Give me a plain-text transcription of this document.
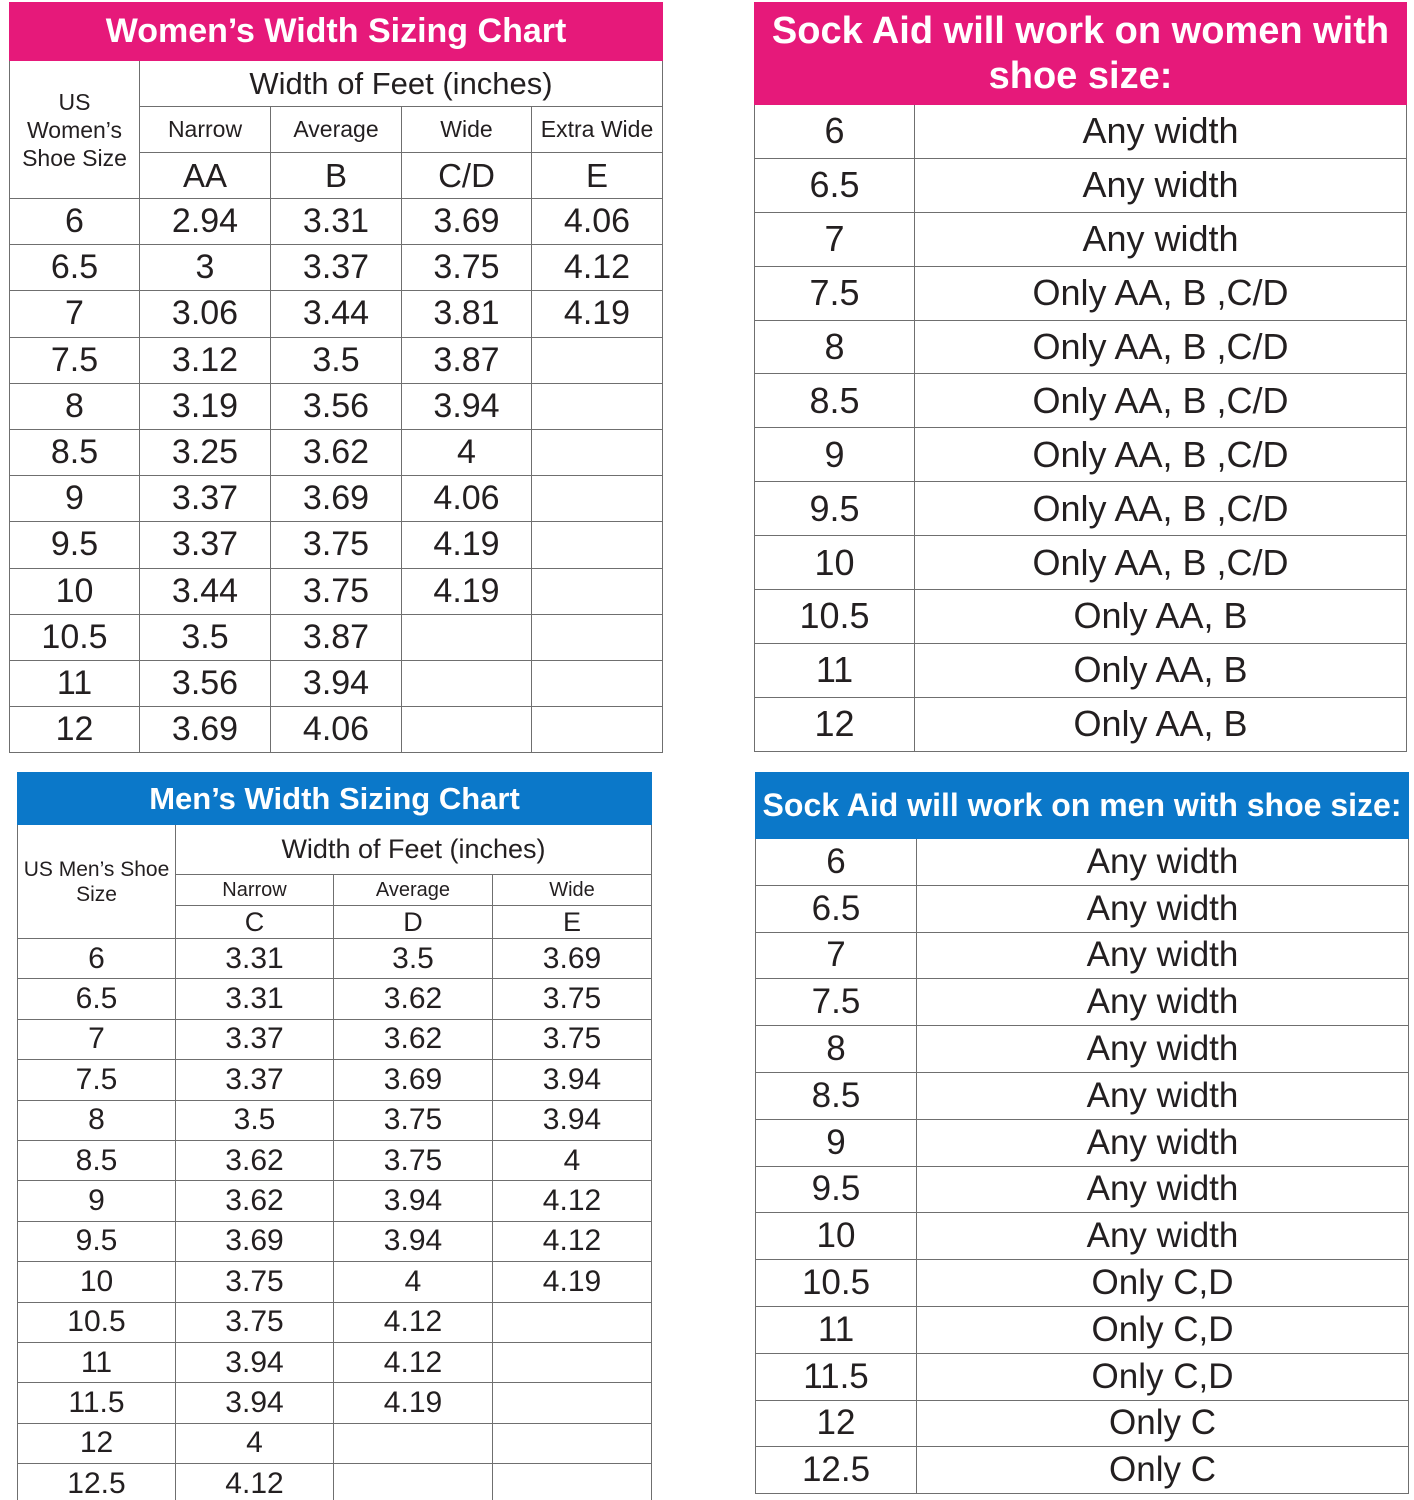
Women’s Width Sizing Chart				
US Women’s Shoe Size	Width of Feet (inches)			
	Narrow	Average	Wide	Extra Wide
	AA	B	C/D	E
6	2.94	3.31	3.69	4.06
6.5	3	3.37	3.75	4.12
7	3.06	3.44	3.81	4.19
7.5	3.12	3.5	3.87	
8	3.19	3.56	3.94	
8.5	3.25	3.62	4	
9	3.37	3.69	4.06	
9.5	3.37	3.75	4.19	
10	3.44	3.75	4.19	
10.5	3.5	3.87		
11	3.56	3.94		
12	3.69	4.06		
Sock Aid will work on women with shoe size:	
6	Any width
6.5	Any width
7	Any width
7.5	Only AA, B ,C/D
8	Only AA, B ,C/D
8.5	Only AA, B ,C/D
9	Only AA, B ,C/D
9.5	Only AA, B ,C/D
10	Only AA, B ,C/D
10.5	Only AA, B
11	Only AA, B
12	Only AA, B
Men’s Width Sizing Chart			
US Men’s Shoe Size	Width of Feet (inches)		
	Narrow	Average	Wide
	C	D	E
6	3.31	3.5	3.69
6.5	3.31	3.62	3.75
7	3.37	3.62	3.75
7.5	3.37	3.69	3.94
8	3.5	3.75	3.94
8.5	3.62	3.75	4
9	3.62	3.94	4.12
9.5	3.69	3.94	4.12
10	3.75	4	4.19
10.5	3.75	4.12	
11	3.94	4.12	
11.5	3.94	4.19	
12	4		
12.5	4.12		
Sock Aid will work on men with shoe size:	
6	Any width
6.5	Any width
7	Any width
7.5	Any width
8	Any width
8.5	Any width
9	Any width
9.5	Any width
10	Any width
10.5	Only C,D
11	Only C,D
11.5	Only C,D
12	Only C
12.5	Only C
